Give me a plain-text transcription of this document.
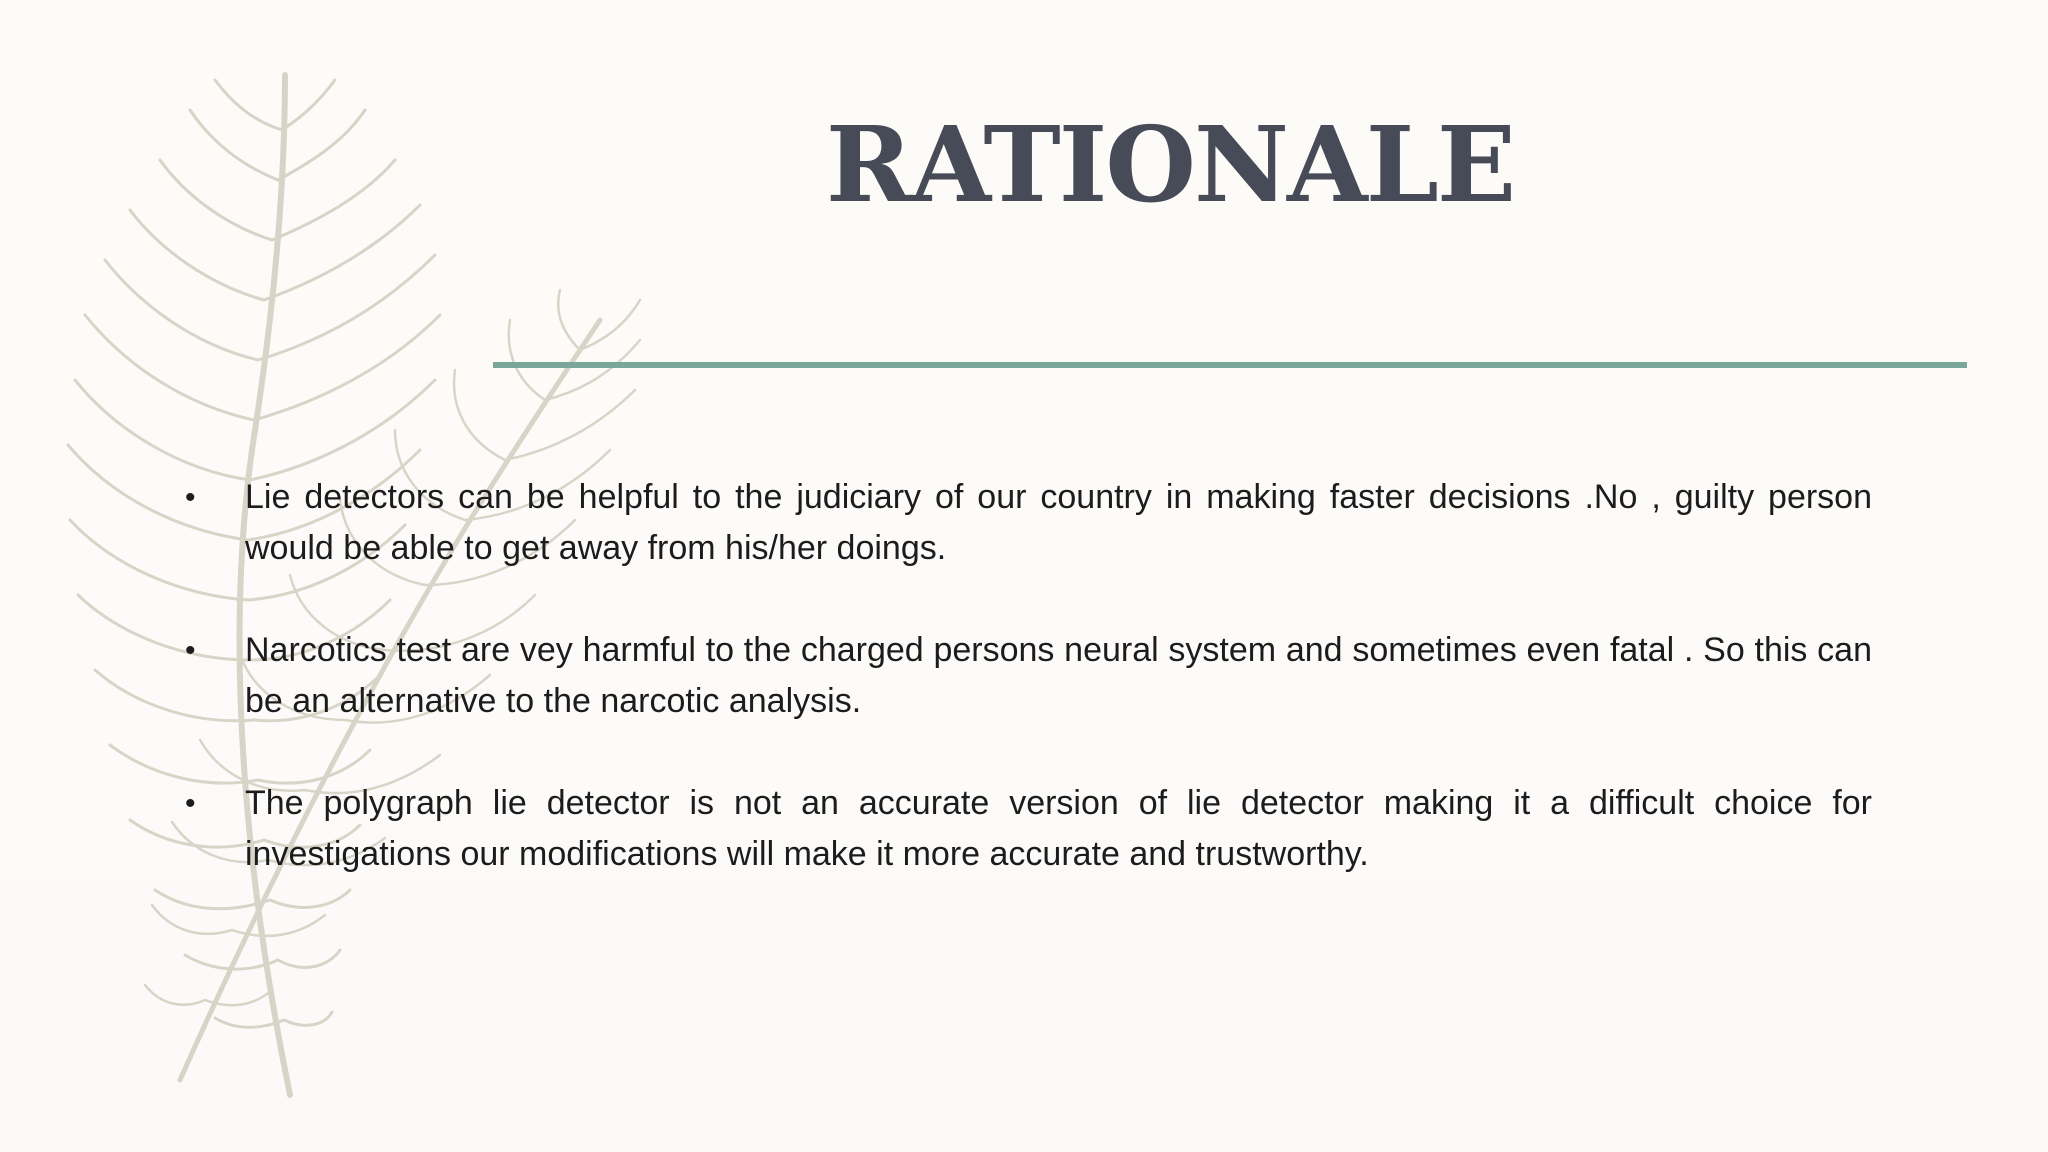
RATIONALE
• Lie detectors can be helpful to the judiciary of our country in making faster decisions .No , guilty person would be able to get away from his/her doings.
• Narcotics test are vey harmful to the charged persons neural system and sometimes even fatal . So this can be an alternative to the narcotic analysis.
• The polygraph lie detector is not an accurate version of lie detector making it a difficult choice for investigations our modifications will make it more accurate and trustworthy.
